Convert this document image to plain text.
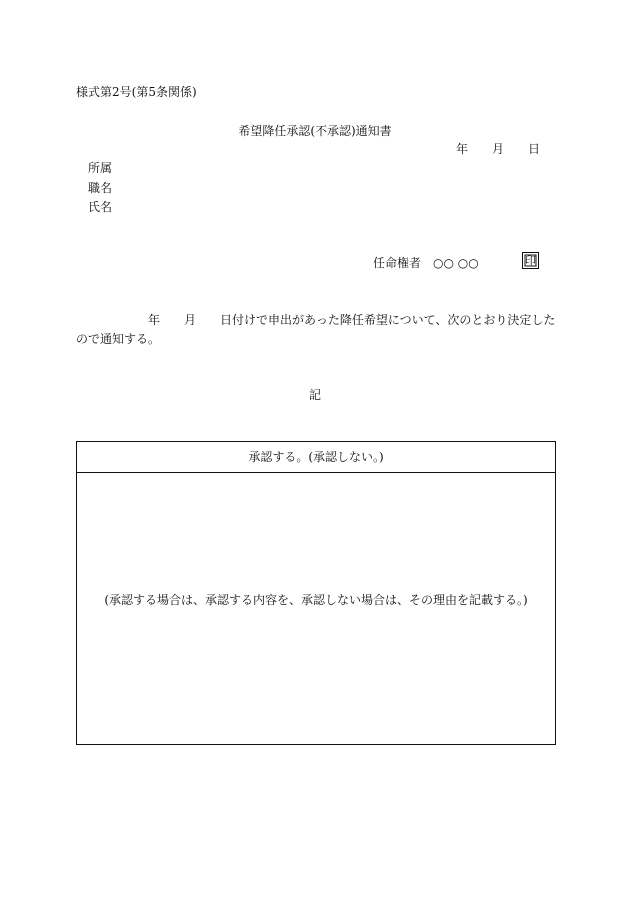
様式第2号(第5条関係)
希望降任承認(不承認)通知書
年 月 日
所属
職名
氏名
任命権者 ○○ ○○	印
年 月 日付けで申出があった降任希望について、次のとおり決定した
ので通知する。
記
承認する。(承認しない。)
(承認する場合は、承認する内容を、承認しない場合は、その理由を記載する。)
